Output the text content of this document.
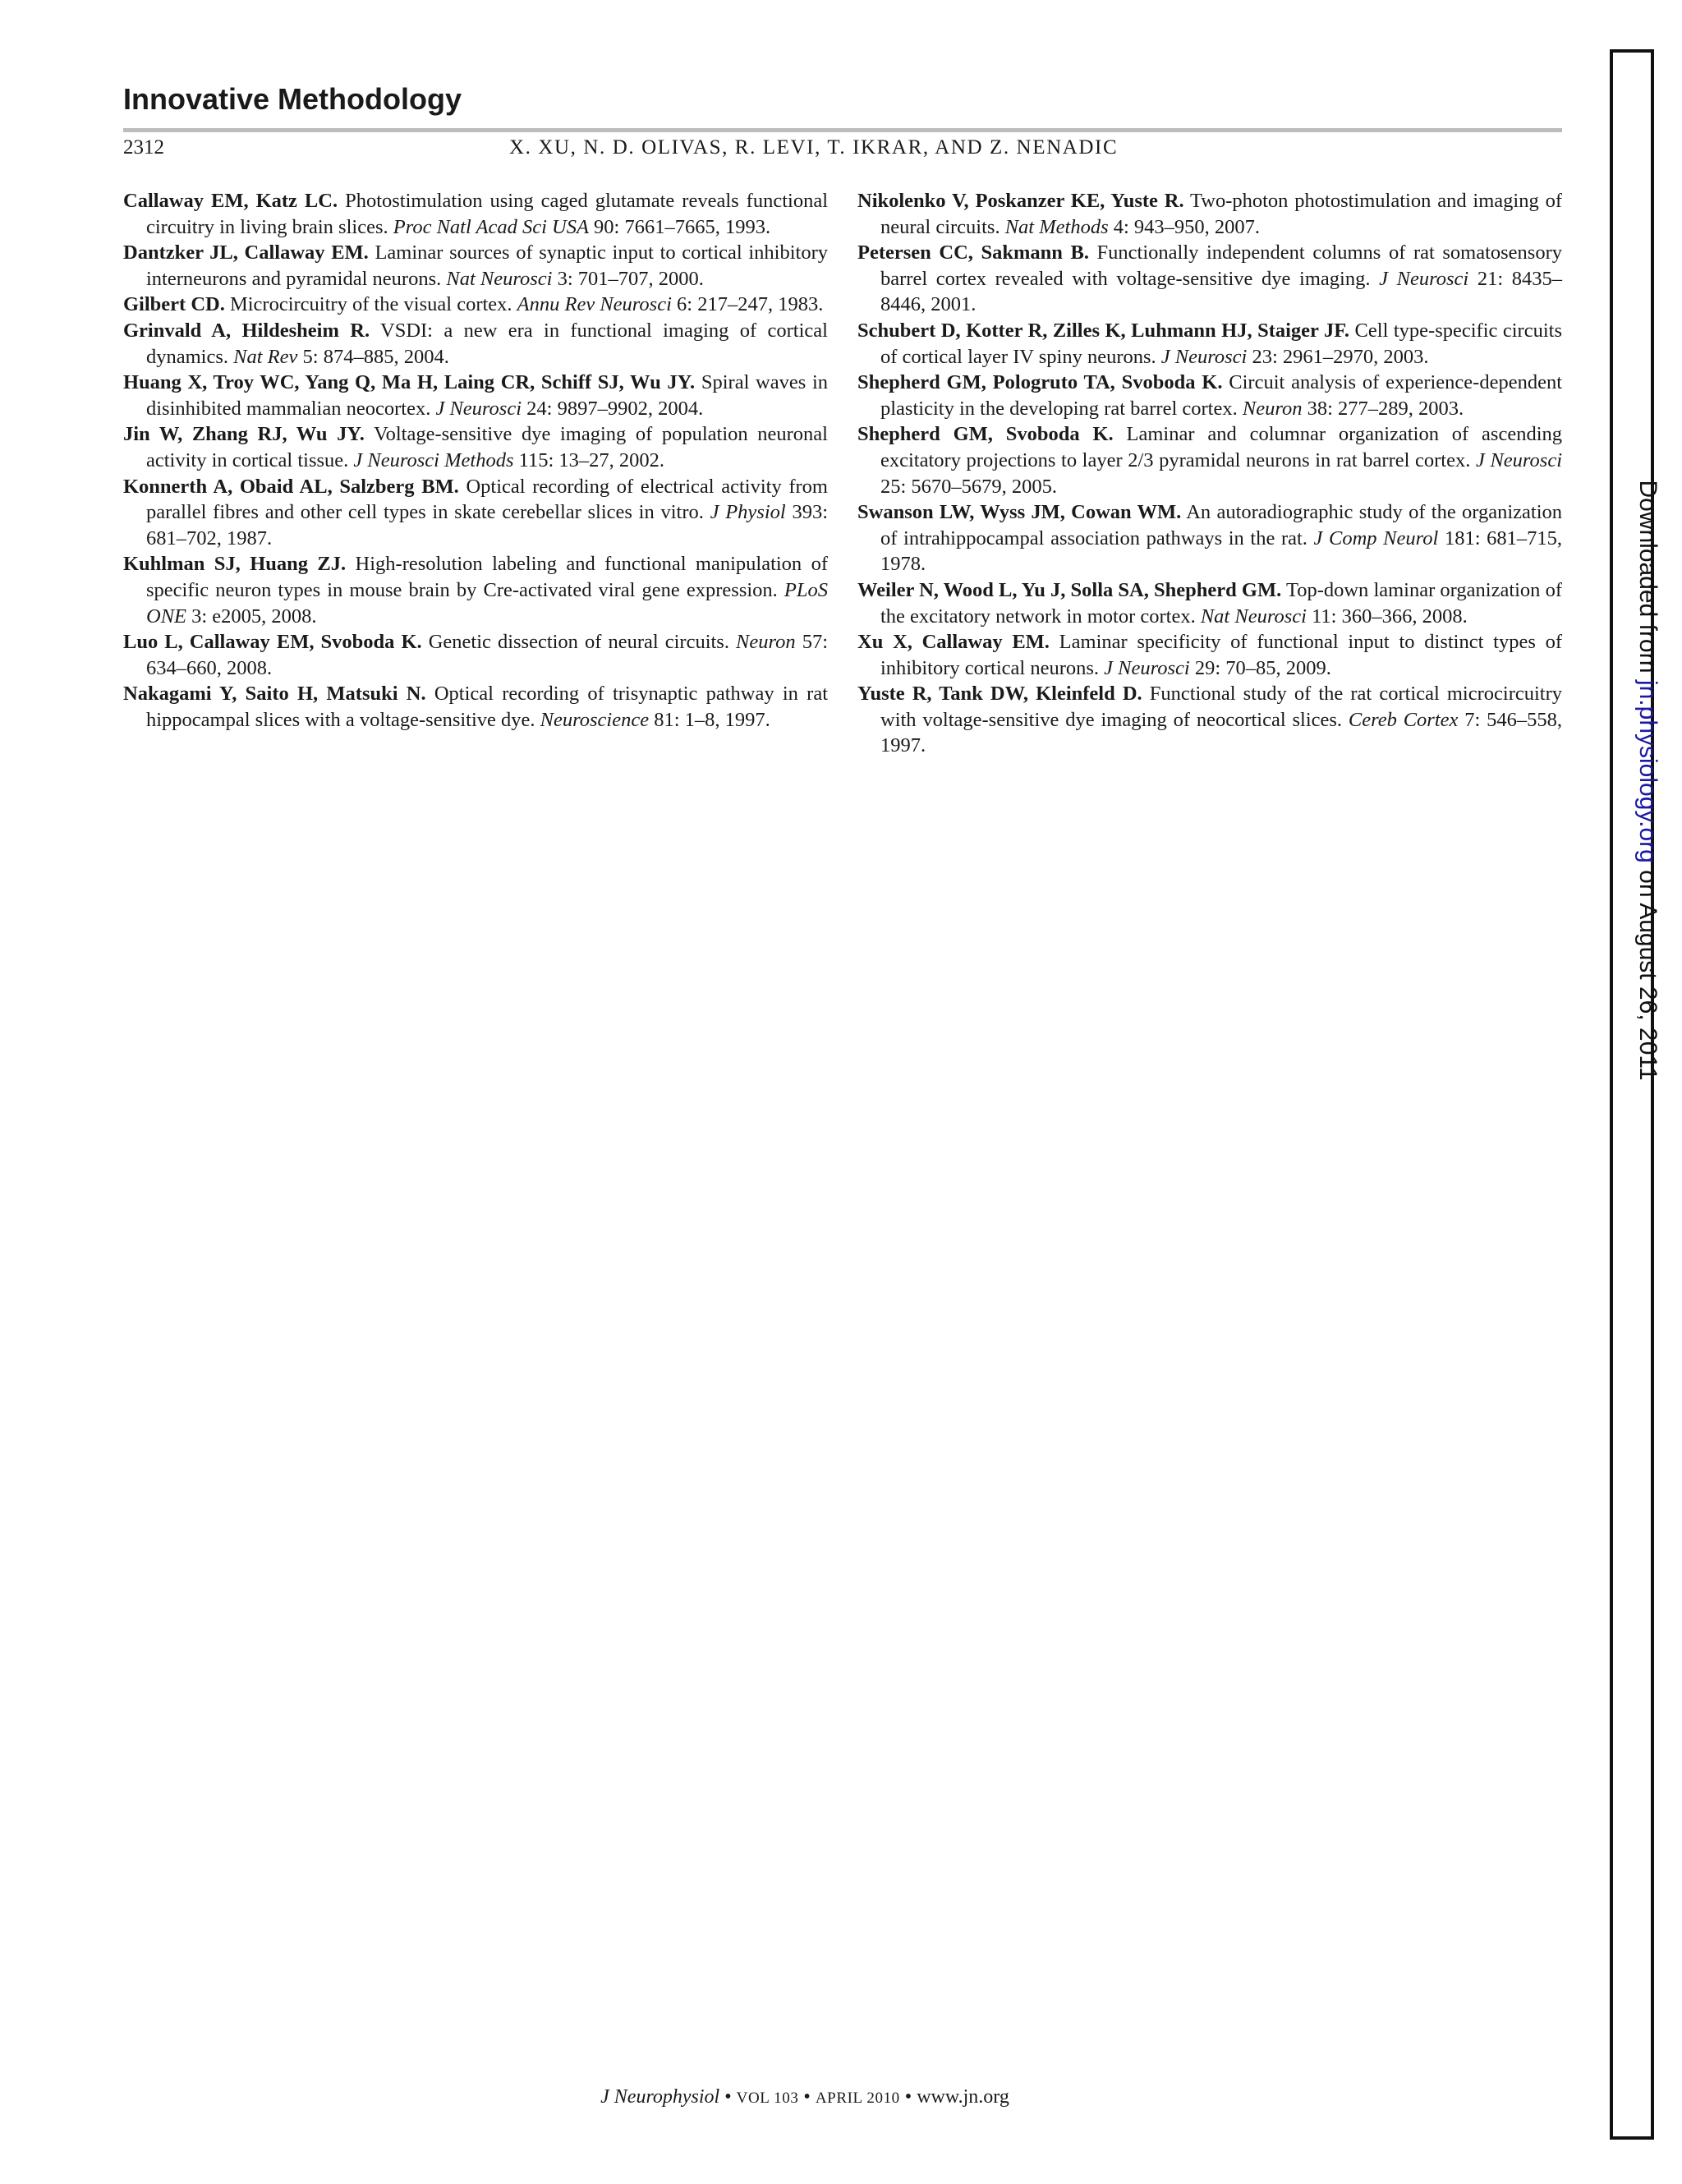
Innovative Methodology
2312	X. XU, N. D. OLIVAS, R. LEVI, T. IKRAR, AND Z. NENADIC

Callaway EM, Katz LC. Photostimulation using caged glutamate reveals functional circuitry in living brain slices. Proc Natl Acad Sci USA 90: 7661–7665, 1993.

Dantzker JL, Callaway EM. Laminar sources of synaptic input to cortical inhibitory interneurons and pyramidal neurons. Nat Neurosci 3: 701–707, 2000.

Gilbert CD. Microcircuitry of the visual cortex. Annu Rev Neurosci 6: 217–247, 1983.

Grinvald A, Hildesheim R. VSDI: a new era in functional imaging of cortical dynamics. Nat Rev 5: 874–885, 2004.

Huang X, Troy WC, Yang Q, Ma H, Laing CR, Schiff SJ, Wu JY. Spiral waves in disinhibited mammalian neocortex. J Neurosci 24: 9897–9902, 2004.

Jin W, Zhang RJ, Wu JY. Voltage-sensitive dye imaging of population neuronal activity in cortical tissue. J Neurosci Methods 115: 13–27, 2002.

Konnerth A, Obaid AL, Salzberg BM. Optical recording of electrical activity from parallel fibres and other cell types in skate cerebellar slices in vitro. J Physiol 393: 681–702, 1987.

Kuhlman SJ, Huang ZJ. High-resolution labeling and functional manipulation of specific neuron types in mouse brain by Cre-activated viral gene expression. PLoS ONE 3: e2005, 2008.

Luo L, Callaway EM, Svoboda K. Genetic dissection of neural circuits. Neuron 57: 634–660, 2008.

Nakagami Y, Saito H, Matsuki N. Optical recording of trisynaptic pathway in rat hippocampal slices with a voltage-sensitive dye. Neuroscience 81: 1–8, 1997.

Nikolenko V, Poskanzer KE, Yuste R. Two-photon photostimulation and imaging of neural circuits. Nat Methods 4: 943–950, 2007.

Petersen CC, Sakmann B. Functionally independent columns of rat somatosensory barrel cortex revealed with voltage-sensitive dye imaging. J Neurosci 21: 8435–8446, 2001.

Schubert D, Kotter R, Zilles K, Luhmann HJ, Staiger JF. Cell type-specific circuits of cortical layer IV spiny neurons. J Neurosci 23: 2961–2970, 2003.

Shepherd GM, Pologruto TA, Svoboda K. Circuit analysis of experience-dependent plasticity in the developing rat barrel cortex. Neuron 38: 277–289, 2003.

Shepherd GM, Svoboda K. Laminar and columnar organization of ascending excitatory projections to layer 2/3 pyramidal neurons in rat barrel cortex. J Neurosci 25: 5670–5679, 2005.

Swanson LW, Wyss JM, Cowan WM. An autoradiographic study of the organization of intrahippocampal association pathways in the rat. J Comp Neurol 181: 681–715, 1978.

Weiler N, Wood L, Yu J, Solla SA, Shepherd GM. Top-down laminar organization of the excitatory network in motor cortex. Nat Neurosci 11: 360–366, 2008.

Xu X, Callaway EM. Laminar specificity of functional input to distinct types of inhibitory cortical neurons. J Neurosci 29: 70–85, 2009.

Yuste R, Tank DW, Kleinfeld D. Functional study of the rat cortical microcircuitry with voltage-sensitive dye imaging of neocortical slices. Cereb Cortex 7: 546–558, 1997.

J Neurophysiol • VOL 103 • APRIL 2010 • www.jn.org
Downloaded from jn.physiology.org on August 26, 2011
